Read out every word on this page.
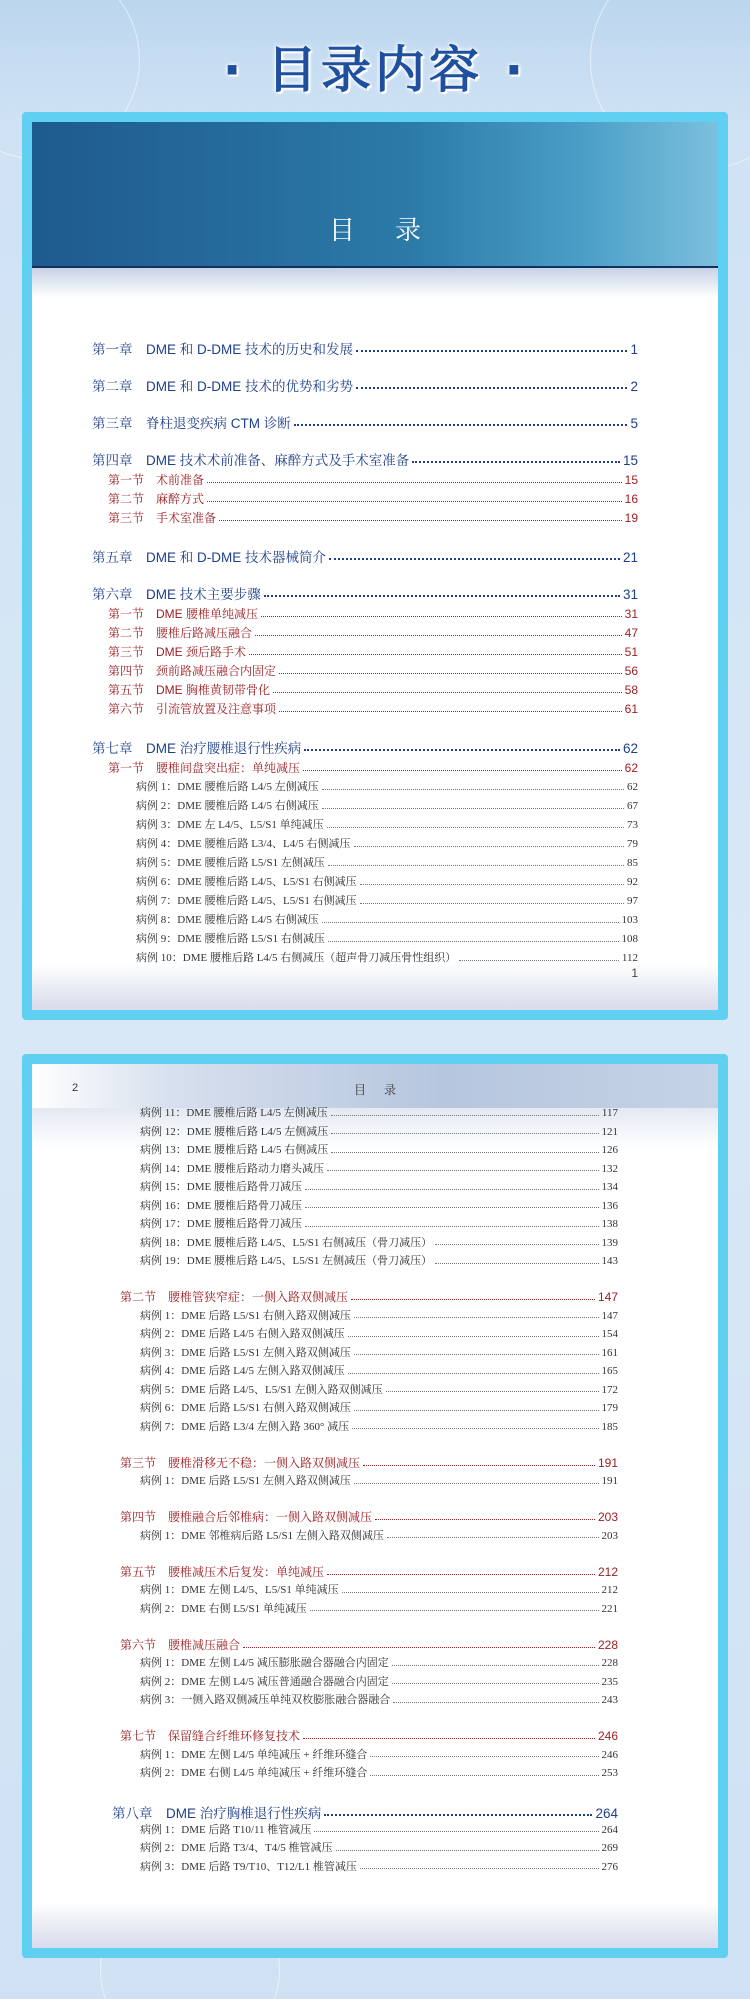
· 目录内容 ·
目录
第一章　DME 和 D-DME 技术的历史和发展	1
第二章　DME 和 D-DME 技术的优势和劣势	2
第三章　脊柱退变疾病 CTM 诊断	5
第四章　DME 技术术前准备、麻醉方式及手术室准备	15
第一节　术前准备	15
第二节　麻醉方式	16
第三节　手术室准备	19
第五章　DME 和 D-DME 技术器械简介	21
第六章　DME 技术主要步骤	31
第一节　DME 腰椎单纯减压	31
第二节　腰椎后路减压融合	47
第三节　DME 颈后路手术	51
第四节　颈前路减压融合内固定	56
第五节　DME 胸椎黄韧带骨化	58
第六节　引流管放置及注意事项	61
第七章　DME 治疗腰椎退行性疾病	62
第一节　腰椎间盘突出症：单纯减压	62
病例 1：DME 腰椎后路 L4/5 左侧减压	62
病例 2：DME 腰椎后路 L4/5 右侧减压	67
病例 3：DME 左 L4/5、L5/S1 单纯减压	73
病例 4：DME 腰椎后路 L3/4、L4/5 右侧减压	79
病例 5：DME 腰椎后路 L5/S1 左侧减压	85
病例 6：DME 腰椎后路 L4/5、L5/S1 右侧减压	92
病例 7：DME 腰椎后路 L4/5、L5/S1 右侧减压	97
病例 8：DME 腰椎后路 L4/5 右侧减压	103
病例 9：DME 腰椎后路 L5/S1 右侧减压	108
病例 10：DME 腰椎后路 L4/5 右侧减压（超声骨刀减压骨性组织）	112
1
2	目录
病例 11：DME 腰椎后路 L4/5 左侧减压	117
病例 12：DME 腰椎后路 L4/5 左侧减压	121
病例 13：DME 腰椎后路 L4/5 右侧减压	126
病例 14：DME 腰椎后路动力磨头减压	132
病例 15：DME 腰椎后路骨刀减压	134
病例 16：DME 腰椎后路骨刀减压	136
病例 17：DME 腰椎后路骨刀减压	138
病例 18：DME 腰椎后路 L4/5、L5/S1 右侧减压（骨刀减压）	139
病例 19：DME 腰椎后路 L4/5、L5/S1 左侧减压（骨刀减压）	143
第二节　腰椎管狭窄症：一侧入路双侧减压	147
病例 1：DME 后路 L5/S1 右侧入路双侧减压	147
病例 2：DME 后路 L4/5 右侧入路双侧减压	154
病例 3：DME 后路 L5/S1 左侧入路双侧减压	161
病例 4：DME 后路 L4/5 左侧入路双侧减压	165
病例 5：DME 后路 L4/5、L5/S1 左侧入路双侧减压	172
病例 6：DME 后路 L5/S1 右侧入路双侧减压	179
病例 7：DME 后路 L3/4 左侧入路 360° 减压	185
第三节　腰椎滑移无不稳：一侧入路双侧减压	191
病例 1：DME 后路 L5/S1 左侧入路双侧减压	191
第四节　腰椎融合后邻椎病：一侧入路双侧减压	203
病例 1：DME 邻椎病后路 L5/S1 左侧入路双侧减压	203
第五节　腰椎减压术后复发：单纯减压	212
病例 1：DME 左侧 L4/5、L5/S1 单纯减压	212
病例 2：DME 右侧 L5/S1 单纯减压	221
第六节　腰椎减压融合	228
病例 1：DME 左侧 L4/5 减压膨胀融合器融合内固定	228
病例 2：DME 左侧 L4/5 减压普通融合器融合内固定	235
病例 3：一侧入路双侧减压单纯双枚膨胀融合器融合	243
第七节　保留缝合纤维环修复技术	246
病例 1：DME 左侧 L4/5 单纯减压 + 纤维环缝合	246
病例 2：DME 右侧 L4/5 单纯减压 + 纤维环缝合	253
第八章　DME 治疗胸椎退行性疾病	264
病例 1：DME 后路 T10/11 椎管减压	264
病例 2：DME 后路 T3/4、T4/5 椎管减压	269
病例 3：DME 后路 T9/T10、T12/L1 椎管减压	276
